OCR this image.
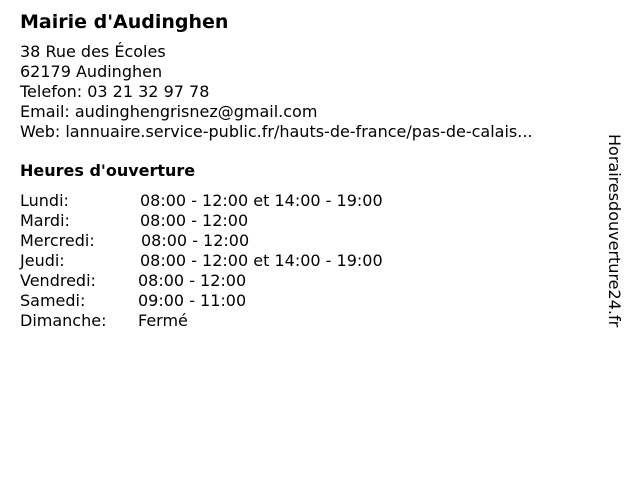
Mairie d'Audinghen
38 Rue des Écoles
62179 Audinghen
Telefon: 03 21 32 97 78
Email: audinghengrisnez@gmail.com
Web: lannuaire.service-public.fr/hauts-de-france/pas-de-calais...
Heures d'ouverture
Lundi:	08:00 - 12:00 et 14:00 - 19:00
Mardi:	08:00 - 12:00
Mercredi:	08:00 - 12:00
Jeudi:	08:00 - 12:00 et 14:00 - 19:00
Vendredi:	08:00 - 12:00
Samedi:	09:00 - 11:00
Dimanche: Fermé	Horairesdouverture24.fr
